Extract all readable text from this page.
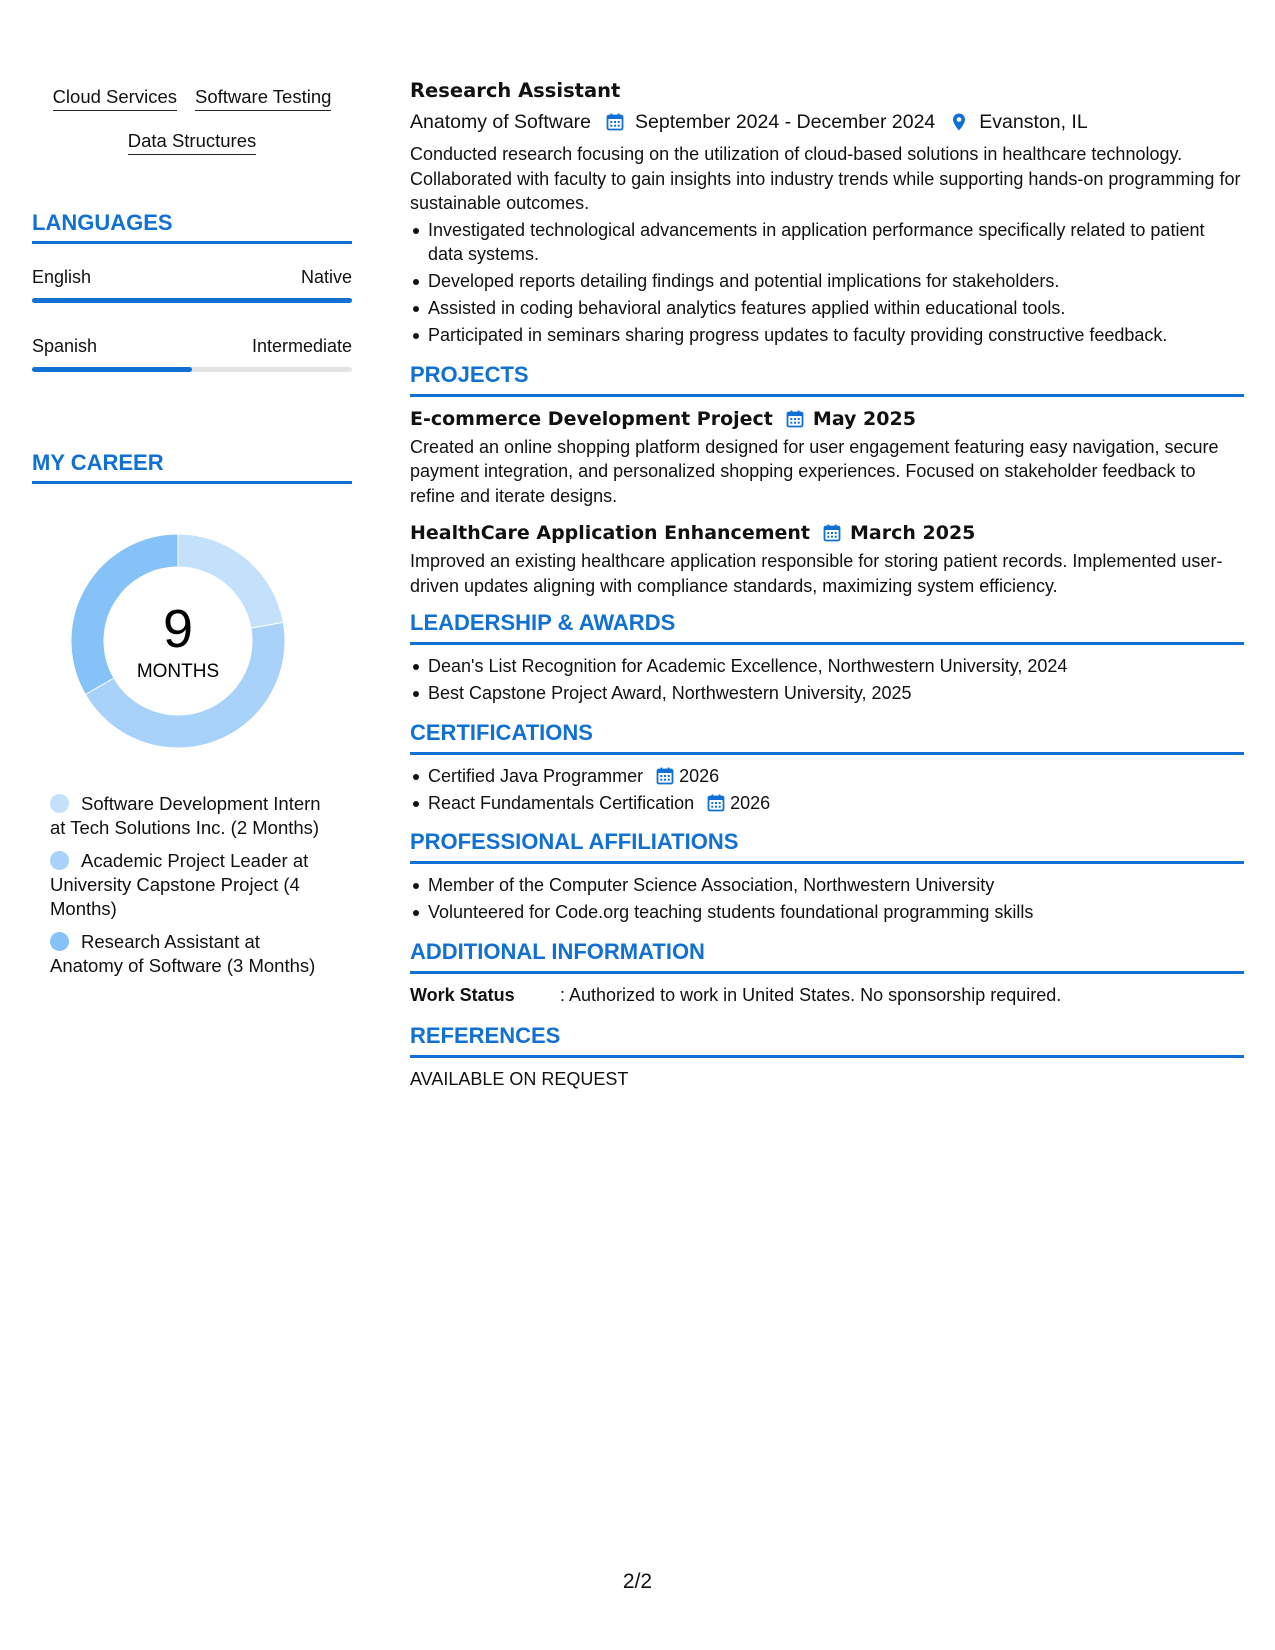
Cloud Services Software Testing
Data Structures
LANGUAGES
English	Native
Spanish	Intermediate
MY CAREER
9
MONTHS
Software Development Intern at Tech Solutions Inc. (2 Months)
Academic Project Leader at University Capstone Project (4 Months)
Research Assistant at Anatomy of Software (3 Months)
Research Assistant
Anatomy of Software September 2024 - December 2024 Evanston, IL
Conducted research focusing on the utilization of cloud-based solutions in healthcare technology. Collaborated with faculty to gain insights into industry trends while supporting hands-on programming for sustainable outcomes.
Investigated technological advancements in application performance specifically related to patient data systems.
Developed reports detailing findings and potential implications for stakeholders.
Assisted in coding behavioral analytics features applied within educational tools.
Participated in seminars sharing progress updates to faculty providing constructive feedback.
PROJECTS
E-commerce Development Project May 2025
Created an online shopping platform designed for user engagement featuring easy navigation, secure payment integration, and personalized shopping experiences. Focused on stakeholder feedback to refine and iterate designs.
HealthCare Application Enhancement March 2025
Improved an existing healthcare application responsible for storing patient records. Implemented user-driven updates aligning with compliance standards, maximizing system efficiency.
LEADERSHIP & AWARDS
Dean's List Recognition for Academic Excellence, Northwestern University, 2024
Best Capstone Project Award, Northwestern University, 2025
CERTIFICATIONS
Certified Java Programmer 2026
React Fundamentals Certification 2026
PROFESSIONAL AFFILIATIONS
Member of the Computer Science Association, Northwestern University
Volunteered for Code.org teaching students foundational programming skills
ADDITIONAL INFORMATION
Work Status	: Authorized to work in United States. No sponsorship required.
REFERENCES
AVAILABLE ON REQUEST
2/2
